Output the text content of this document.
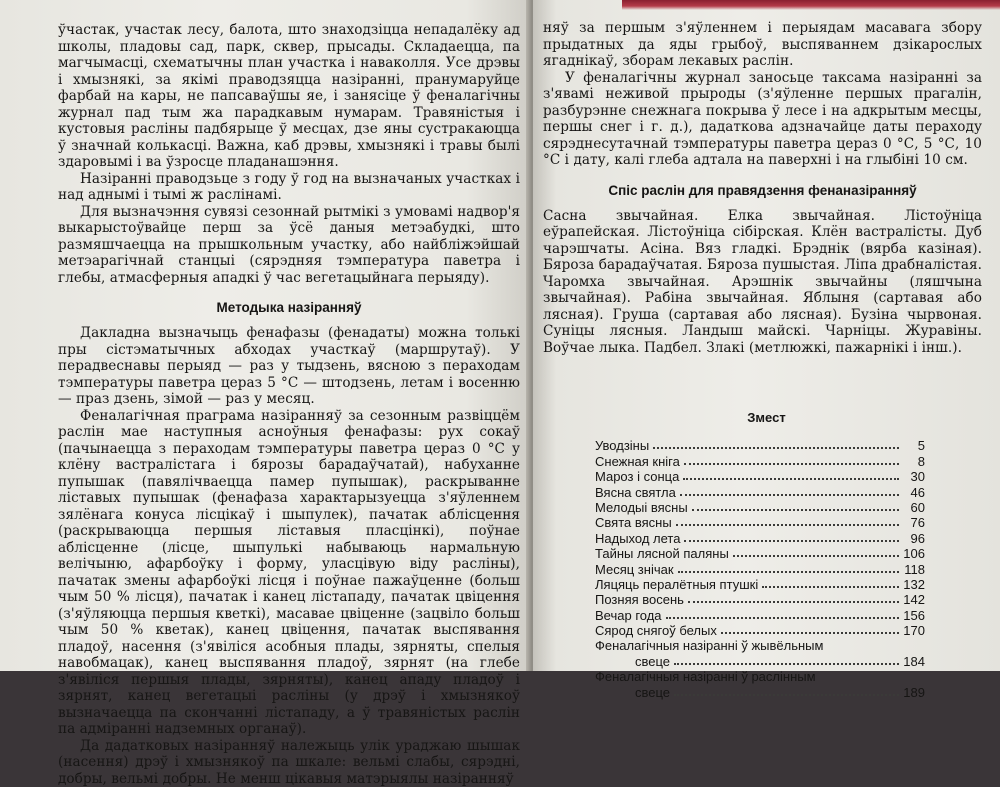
ўчастак, участак лесу, балота, што знаходзіцца непадалёку ад школы, пладовы сад, парк, сквер, прысады. Складаецца, па магчымасці, схематычны план участка і наваколля. Усе дрэвы і хмызнякі, за якімі праводзяцца назіранні, пранумаруйце фарбай на кары, не папсаваўшы яе, і занясіце ў феналагічны журнал пад тым жа парадкавым нумарам. Травяністыя і кустовыя расліны падбярыце ў месцах, дзе яны сустракаюцца ў значнай колькасці. Важна, каб дрэвы, хмызнякі і травы былі здаровымі і ва ўзросце пладанашэння.

Назіранні праводзьце з году ў год на вызначаных участках і над аднымі і тымі ж раслінамі.

Для вызначэння сувязі сезоннай рытмікі з умовамі надвор'я выкарыстоўвайце перш за ўсё даныя метэабудкі, што размяшчаецца на прышкольным участку, або найбліжэйшай метэарагічнай станцыі (сярэдняя тэмпература паветра і глебы, атмасферныя ападкі ў час вегетацыйнага перыяду).

Методыка назіранняў

Дакладна вызначыць фенафазы (фенадаты) можна толькі пры сістэматычных абходах участкаў (маршрутаў). У перадвеснавы перыяд — раз у тыдзень, вясною з пераходам тэмпературы паветра цераз 5 °С — штодзень, летам і восенню — праз дзень, зімой — раз у месяц.

Феналагічная праграма назіранняў за сезонным развіццём раслін мае наступныя асноўныя фенафазы: рух сокаў (пачынаецца з пераходам тэмпературы паветра цераз 0 °С у клёну вастралістага і бярозы барадаўчатай), набуханне пупышак (павялічваецца памер пупышак), раскрыванне ліставых пупышак (фенафаза характарызуецца з'яўленнем зялёнага конуса лісцікаў і шыпулек), пачатак аблісцення (раскрываюцца першыя ліставыя пласцінкі), поўнае аблісценне (лісце, шыпулькі набываюць нармальную велічыню, афарбоўку і форму, уласцівую віду расліны), пачатак змены афарбоўкі лісця і поўнае пажаўценне (больш чым 50 % лісця), пачатак і канец лістападу, пачатак цвіцення (з'яўляюцца першыя кветкі), масавае цвіценне (зацвіло больш чым 50 % кветак), канец цвіцення, пачатак выспявання пладоў, насення (з'явіліся асобныя плады, зярняты, спелыя навобмацак), канец выспявання пладоў, зярнят (на глебе з'явіліся першыя плады, зярняты), канец ападу пладоў і зярнят, канец вегетацыі расліны (у дрэў і хмызнякоў вызначаецца па скончанні лістападу, а ў травяністых раслін па адміранні надземных органаў).

Да дадатковых назіранняў належыць улік ураджаю шышак (насення) дрэў і хмызнякоў па шкале: вельмі слабы, сярэдні, добры, вельмі добры. Не менш цікавыя матэрыялы назіранняў

няў за першым з'яўленнем і перыядам масавага збору прыдатных да яды грыбоў, выспяваннем дзікарослых ягаднікаў, зборам лекавых раслін.

У феналагічны журнал заносьце таксама назіранні за з'явамі неживой прыроды (з'яўленне першых прагалін, разбурэнне снежнага покрыва ў лесе і на адкрытым месцы, першы снег і г. д.), дадаткова адзначайце даты пераходу сярэднесутачнай тэмпературы паветра цераз 0 °С, 5 °С, 10 °С і дату, калі глеба адтала на паверхні і на глыбіні 10 см.

Спіс раслін для правядзення фенаназіранняў

Сасна звычайная. Елка звычайная. Лістоўніца еўрапейская. Лістоўніца сібірская. Клён вастралісты. Дуб чарэшчаты. Асіна. Вяз гладкі. Брэднік (вярба казіная). Бяроза барадаўчатая. Бяроза пушыстая. Ліпа драбналістая. Чаромха звычайная. Арэшнік звычайны (ляшчына звычайная). Рабіна звычайная. Яблыня (сартавая або лясная). Груша (сартавая або лясная). Бузіна чырвоная. Суніцы лясныя. Ландыш майскі. Чарніцы. Журавіны. Воўчае лыка. Падбел. Злакі (метлюжкі, пажарнікі і інш.).

Змест
Уводзіны	5
Снежная кніга	8
Мароз і сонца	30
Вясна святла	46
Мелодыі вясны	60
Свята вясны	76
Надыход лета	96
Тайны лясной паляны	106
Месяц знічак	118
Ляцяць пералётныя птушкі	132
Позняя восень	142
Вечар года	156
Сярод снягоў белых	170
Феналагічныя назіранні ў жывёльным
свеце	184
Феналагічныя назіранні ў раслінным
свеце	189
